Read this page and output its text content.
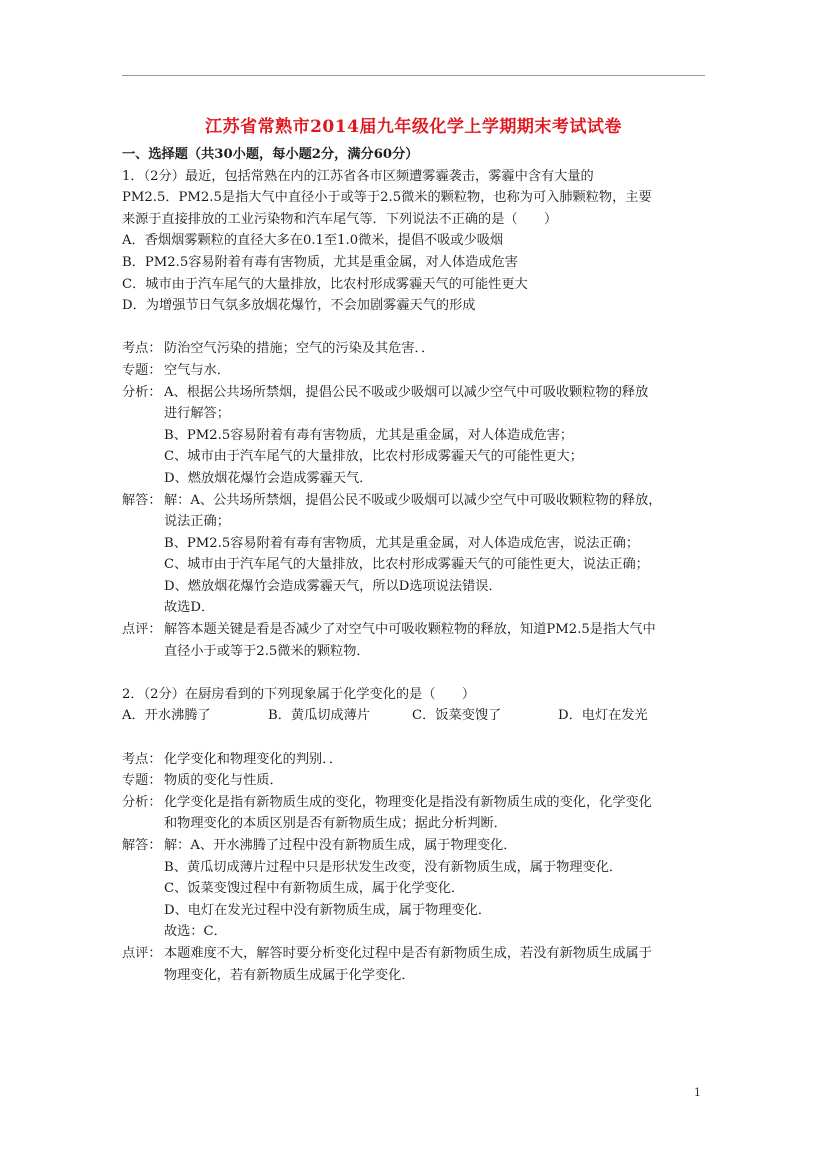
江苏省常熟市2014届九年级化学上学期期末考试试卷
一、选择题（共30小题，每小题2分，满分60分）
1．（2分）最近，包括常熟在内的江苏省各市区频遭雾霾袭击，雾霾中含有大量的
PM2.5．PM2.5是指大气中直径小于或等于2.5微米的颗粒物，也称为可入肺颗粒物，主要
来源于直接排放的工业污染物和汽车尾气等．下列说法不正确的是（　　）
A．香烟烟雾颗粒的直径大多在0.1至1.0微米，提倡不吸或少吸烟
B．PM2.5容易附着有毒有害物质，尤其是重金属，对人体造成危害
C．城市由于汽车尾气的大量排放，比农村形成雾霾天气的可能性更大
D．为增强节日气氛多放烟花爆竹，不会加剧雾霾天气的形成
考点： 防治空气污染的措施；空气的污染及其危害．．
专题： 空气与水．
分析： A、根据公共场所禁烟，提倡公民不吸或少吸烟可以减少空气中可吸收颗粒物的释放
进行解答；
B、PM2.5容易附着有毒有害物质，尤其是重金属，对人体造成危害；
C、城市由于汽车尾气的大量排放，比农村形成雾霾天气的可能性更大；
D、燃放烟花爆竹会造成雾霾天气．
解答： 解：A、公共场所禁烟，提倡公民不吸或少吸烟可以减少空气中可吸收颗粒物的释放，
说法正确；
B、PM2.5容易附着有毒有害物质，尤其是重金属，对人体造成危害，说法正确；
C、城市由于汽车尾气的大量排放，比农村形成雾霾天气的可能性更大，说法正确；
D、燃放烟花爆竹会造成雾霾天气，所以D选项说法错误．
故选D．
点评： 解答本题关键是看是否减少了对空气中可吸收颗粒物的释放，知道PM2.5是指大气中
直径小于或等于2.5微米的颗粒物．
2．（2分）在厨房看到的下列现象属于化学变化的是（　　）
A．开水沸腾了	B．黄瓜切成薄片	C．饭菜变馊了	D．电灯在发光
考点： 化学变化和物理变化的判别．．
专题： 物质的变化与性质．
分析： 化学变化是指有新物质生成的变化，物理变化是指没有新物质生成的变化，化学变化
和物理变化的本质区别是否有新物质生成；据此分析判断．
解答： 解：A、开水沸腾了过程中没有新物质生成，属于物理变化．
B、黄瓜切成薄片过程中只是形状发生改变，没有新物质生成，属于物理变化．
C、饭菜变馊过程中有新物质生成，属于化学变化．
D、电灯在发光过程中没有新物质生成，属于物理变化．
故选：C．
点评： 本题难度不大，解答时要分析变化过程中是否有新物质生成，若没有新物质生成属于
物理变化，若有新物质生成属于化学变化．
1
